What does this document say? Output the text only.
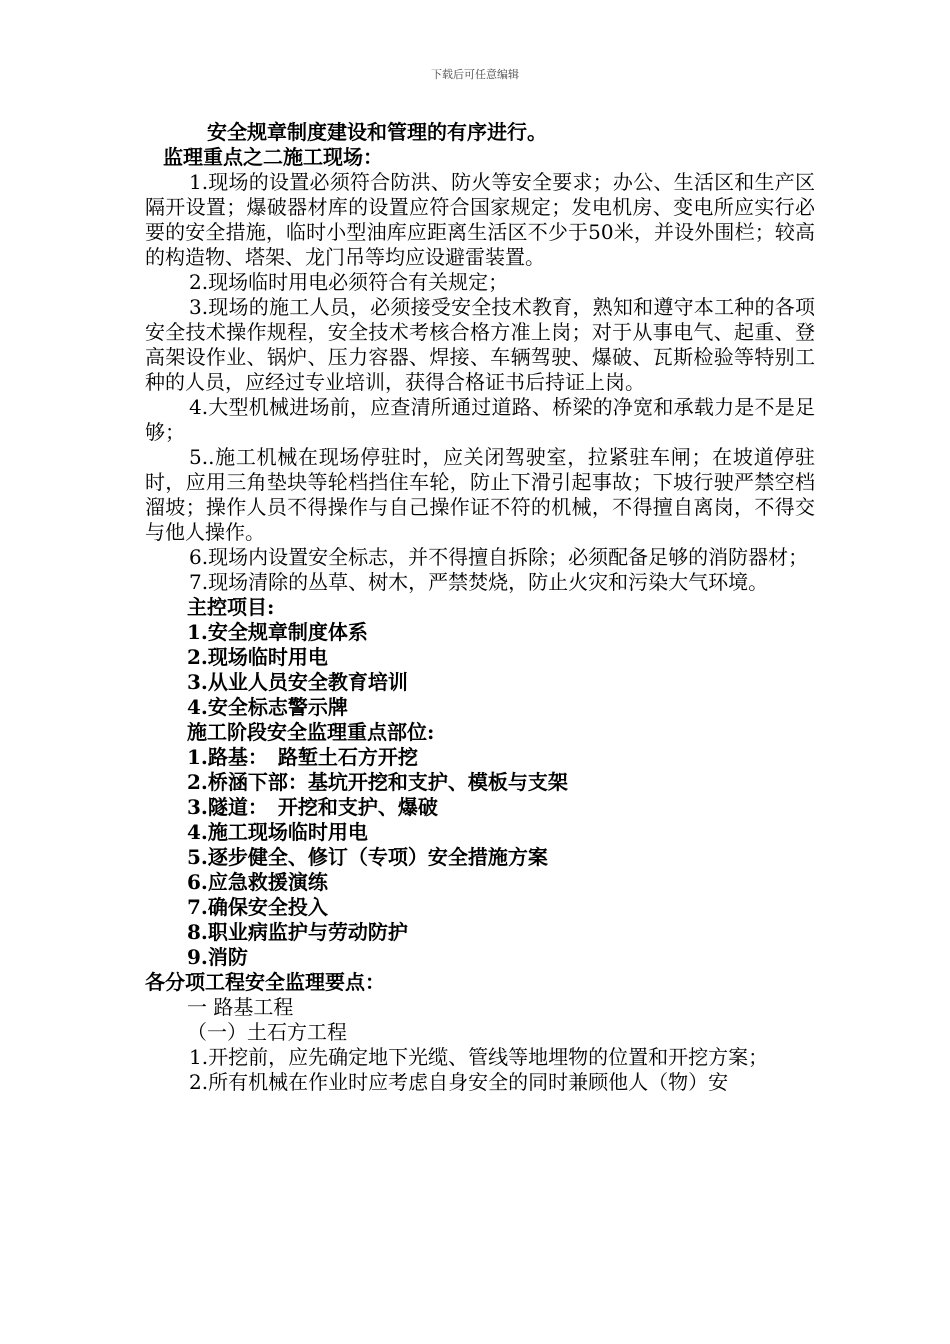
下载后可任意编辑

安全规章制度建设和管理的有序进行。

监理重点之二施工现场：

1.现场的设置必须符合防洪、防火等安全要求；办公、生活区和生产区隔开设置；爆破器材库的设置应符合国家规定；发电机房、变电所应实行必要的安全措施，临时小型油库应距离生活区不少于50米，并设外围栏；较高的构造物、塔架、龙门吊等均应设避雷装置。

2.现场临时用电必须符合有关规定；

3.现场的施工人员，必须接受安全技术教育，熟知和遵守本工种的各项安全技术操作规程，安全技术考核合格方准上岗；对于从事电气、起重、登高架设作业、锅炉、压力容器、焊接、车辆驾驶、爆破、瓦斯检验等特别工种的人员，应经过专业培训，获得合格证书后持证上岗。

4.大型机械进场前，应查清所通过道路、桥梁的净宽和承载力是不是足够；

5..施工机械在现场停驻时，应关闭驾驶室，拉紧驻车闸；在坡道停驻时，应用三角垫块等轮档挡住车轮，防止下滑引起事故；下坡行驶严禁空档溜坡；操作人员不得操作与自己操作证不符的机械，不得擅自离岗，不得交与他人操作。

6.现场内设置安全标志，并不得擅自拆除；必须配备足够的消防器材；

7.现场清除的丛草、树木，严禁焚烧，防止火灾和污染大气环境。

主控项目:

1.安全规章制度体系

2.现场临时用电

3.从业人员安全教育培训

4.安全标志警示牌

施工阶段安全监理重点部位:

1.路基：　路堑土石方开挖

2.桥涵下部：基坑开挖和支护、模板与支架

3.隧道：　开挖和支护、爆破

4.施工现场临时用电

5.逐步健全、修订（专项）安全措施方案

6.应急救援演练

7.确保安全投入

8.职业病监护与劳动防护

9.消防

各分项工程安全监理要点：

一 路基工程

（一）土石方工程

1.开挖前，应先确定地下光缆、管线等地埋物的位置和开挖方案；

2.所有机械在作业时应考虑自身安全的同时兼顾他人（物）安
